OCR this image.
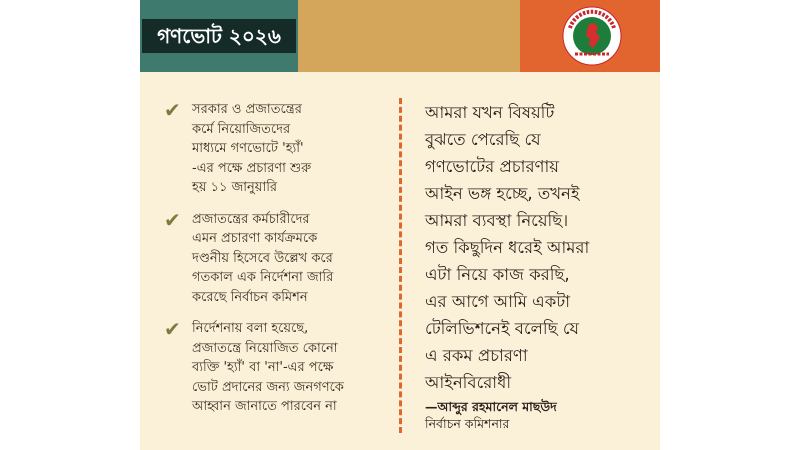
গণভোট ২০২৬
✔ সরকার ও প্রজাতন্ত্রের
কর্মে নিয়োজিতদের
মাধ্যমে গণভোটে 'হ্যাঁ'
-এর পক্ষে প্রচারণা শুরু
হয় ১১ জানুয়ারি
✔ প্রজাতন্ত্রের কর্মচারীদের
এমন প্রচারণা কার্যক্রমকে
দণ্ডনীয় হিসেবে উল্লেখ করে
গতকাল এক নির্দেশনা জারি
করেছে নির্বাচন কমিশন
✔ নির্দেশনায় বলা হয়েছে,
প্রজাতন্ত্রে নিয়োজিত কোনো
ব্যক্তি 'হ্যাঁ' বা 'না'-এর পক্ষে
ভোট প্রদানের জন্য জনগণকে
আহ্বান জানাতে পারবেন না
আমরা যখন বিষয়টি
বুঝতে পেরেছি যে
গণভোটের প্রচারণায়
আইন ভঙ্গ হচ্ছে, তখনই
আমরা ব্যবস্থা নিয়েছি।
গত কিছুদিন ধরেই আমরা
এটা নিয়ে কাজ করছি,
এর আগে আমি একটা
টেলিভিশনেই বলেছি যে
এ রকম প্রচারণা
আইনবিরোধী
—আব্দুর রহমানেল মাছউদ
নির্বাচন কমিশনার
